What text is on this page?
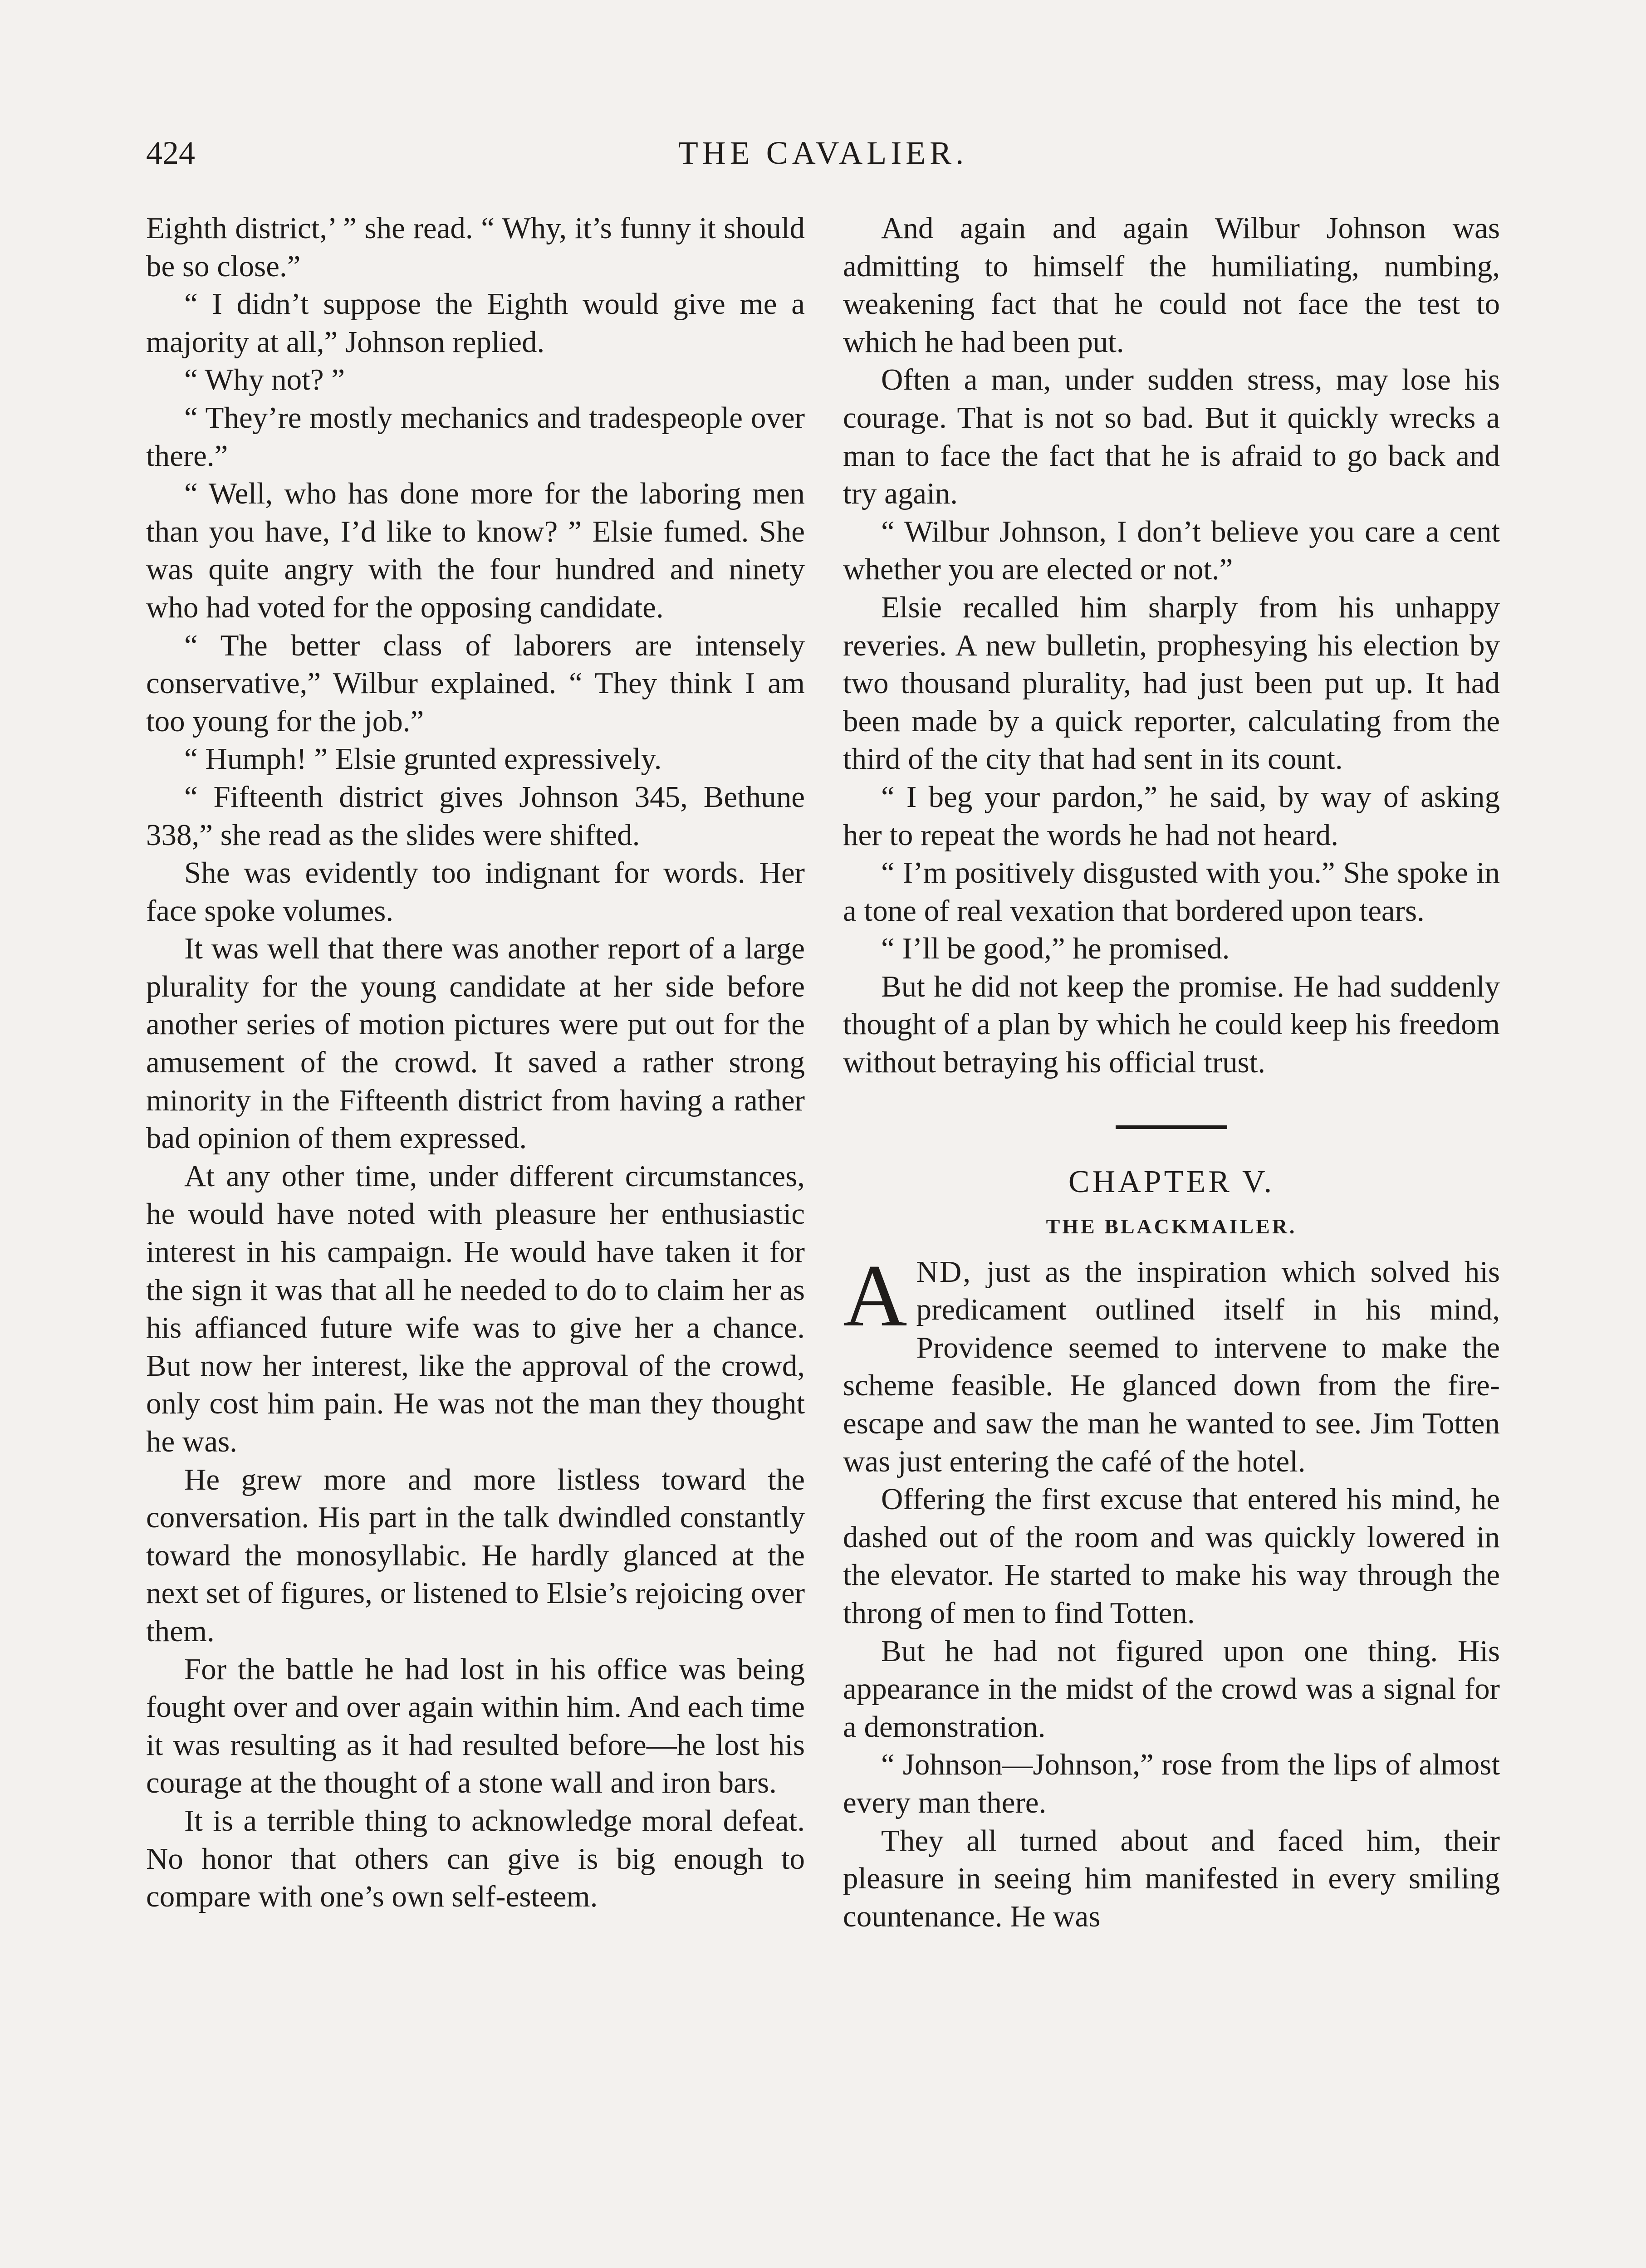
424	THE CAVALIER.

Eighth district,’ ” she read. “ Why, it’s funny it should be so close.”

“ I didn’t suppose the Eighth would give me a majority at all,” Johnson replied.

“ Why not? ”

“ They’re mostly mechanics and tradespeople over there.”

“ Well, who has done more for the laboring men than you have, I’d like to know? ” Elsie fumed. She was quite angry with the four hundred and ninety who had voted for the opposing candidate.

“ The better class of laborers are intensely conservative,” Wilbur explained. “ They think I am too young for the job.”

“ Humph! ” Elsie grunted expressively.

“ Fifteenth district gives Johnson 345, Bethune 338,” she read as the slides were shifted.

She was evidently too indignant for words. Her face spoke volumes.

It was well that there was another report of a large plurality for the young candidate at her side before another series of motion pictures were put out for the amusement of the crowd. It saved a rather strong minority in the Fifteenth district from having a rather bad opinion of them expressed.

At any other time, under different circumstances, he would have noted with pleasure her enthusiastic interest in his campaign. He would have taken it for the sign it was that all he needed to do to claim her as his affianced future wife was to give her a chance. But now her interest, like the approval of the crowd, only cost him pain. He was not the man they thought he was.

He grew more and more listless toward the conversation. His part in the talk dwindled constantly toward the monosyllabic. He hardly glanced at the next set of figures, or listened to Elsie’s rejoicing over them.

For the battle he had lost in his office was being fought over and over again within him. And each time it was resulting as it had resulted before—he lost his courage at the thought of a stone wall and iron bars.

It is a terrible thing to acknowledge moral defeat. No honor that others can give is big enough to compare with one’s own self-esteem.

And again and again Wilbur Johnson was admitting to himself the humiliating, numbing, weakening fact that he could not face the test to which he had been put.

Often a man, under sudden stress, may lose his courage. That is not so bad. But it quickly wrecks a man to face the fact that he is afraid to go back and try again.

“ Wilbur Johnson, I don’t believe you care a cent whether you are elected or not.”

Elsie recalled him sharply from his unhappy reveries. A new bulletin, prophesying his election by two thousand plurality, had just been put up. It had been made by a quick reporter, calculating from the third of the city that had sent in its count.

“ I beg your pardon,” he said, by way of asking her to repeat the words he had not heard.

“ I’m positively disgusted with you.” She spoke in a tone of real vexation that bordered upon tears.

“ I’ll be good,” he promised.

But he did not keep the promise. He had suddenly thought of a plan by which he could keep his freedom without betraying his official trust.

CHAPTER V.
THE BLACKMAILER.

AND, just as the inspiration which solved his predicament outlined itself in his mind, Providence seemed to intervene to make the scheme feasible. He glanced down from the fire-escape and saw the man he wanted to see. Jim Totten was just entering the café of the hotel.

Offering the first excuse that entered his mind, he dashed out of the room and was quickly lowered in the elevator. He started to make his way through the throng of men to find Totten.

But he had not figured upon one thing. His appearance in the midst of the crowd was a signal for a demonstration.

“ Johnson—Johnson,” rose from the lips of almost every man there.

They all turned about and faced him, their pleasure in seeing him manifested in every smiling countenance. He was
